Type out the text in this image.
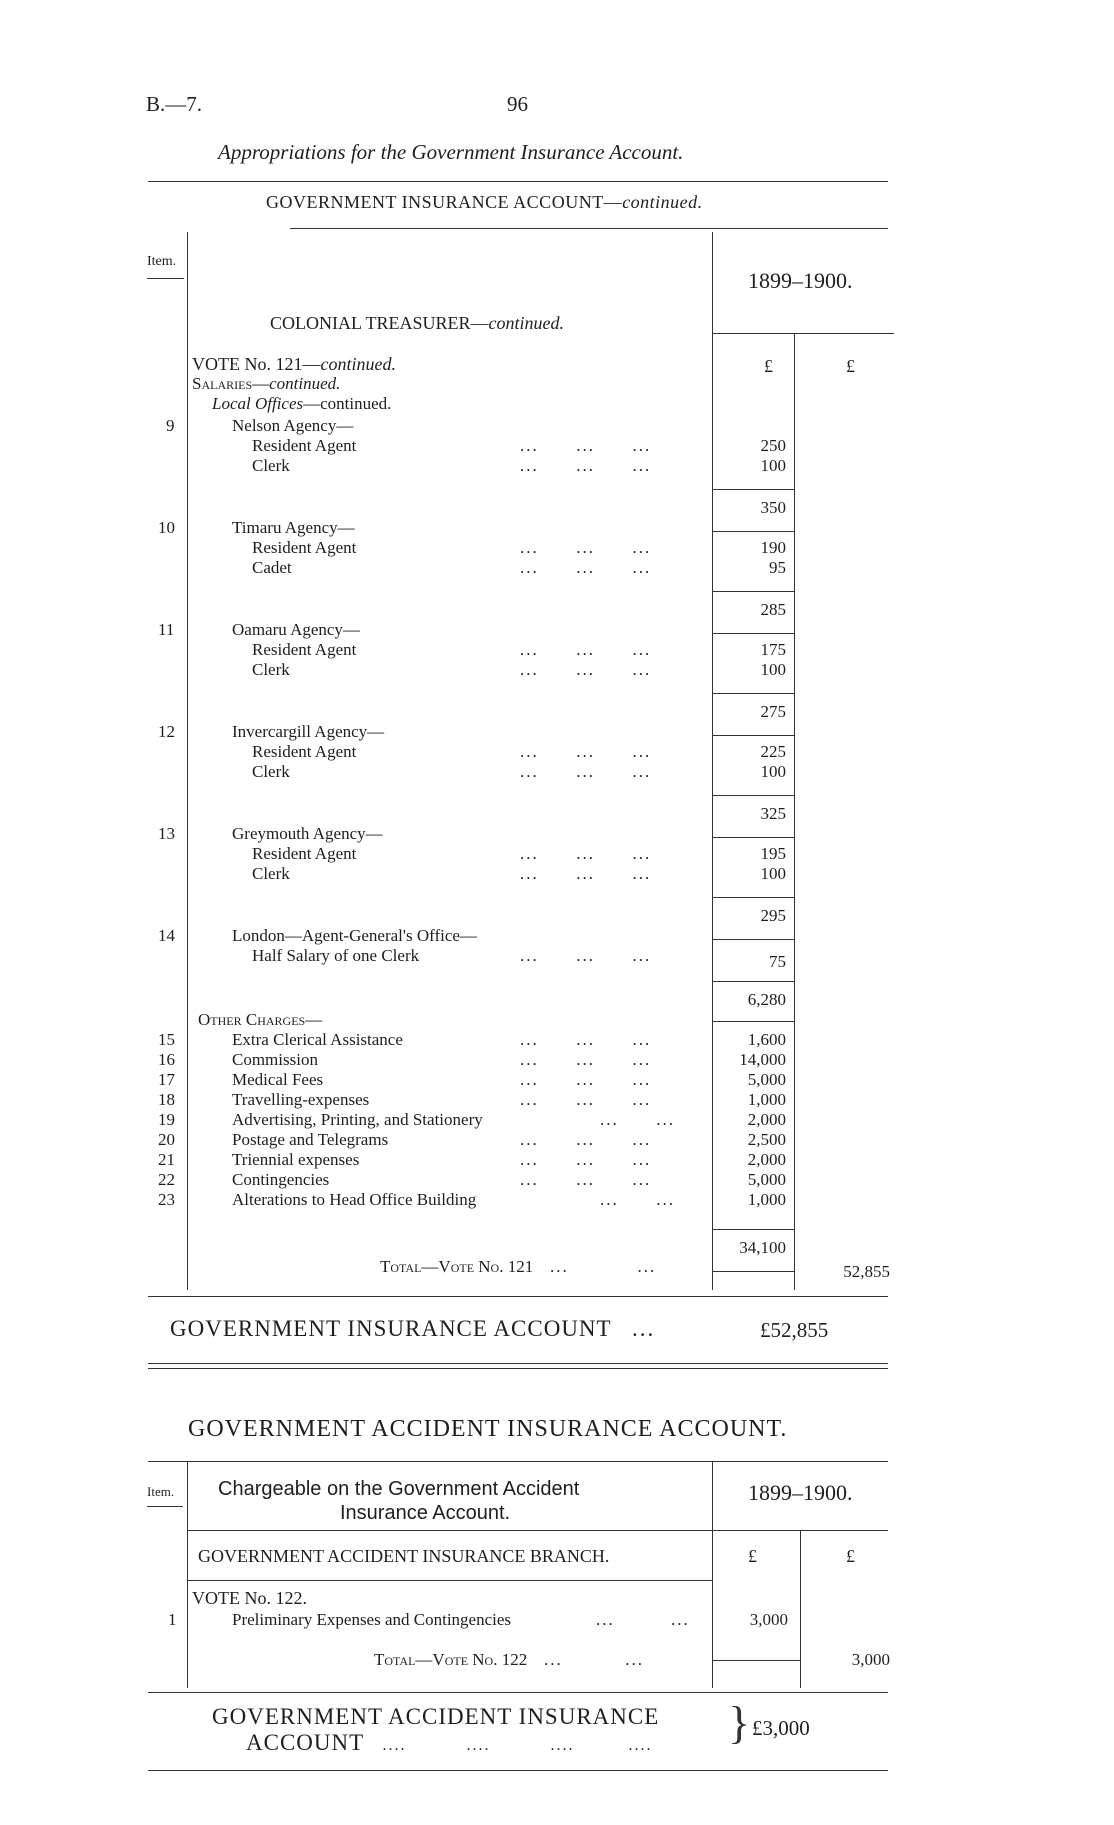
B.—7.	96
Appropriations for the Government Insurance Account.
GOVERNMENT INSURANCE ACCOUNT—continued.
Item.
1899–1900.
COLONIAL TREASURER—continued.
£	£
VOTE No. 121—continued.
Salaries—continued.
Local Offices—continued.
9	Nelson Agency—
Resident Agent	...      ...      ...	250
Clerk	...      ...      ...	100
350
10	Timaru Agency—
Resident Agent	...      ...      ...	190
Cadet	...      ...      ...	95
285
11	Oamaru Agency—
Resident Agent	...      ...      ...	175
Clerk	...      ...      ...	100
275
12	Invercargill Agency—
Resident Agent	...      ...      ...	225
Clerk	...      ...      ...	100
325
13	Greymouth Agency—
Resident Agent	...      ...      ...	195
Clerk	...      ...      ...	100
295
14	London—Agent-General's Office—
Half Salary of one Clerk	...      ...      ...	75
6,280
Other Charges—
15	Extra Clerical Assistance	...      ...      ...	1,600
16	Commission	...      ...      ...	14,000
17	Medical Fees	...      ...      ...	5,000
18	Travelling-expenses	...      ...      ...	1,000
19	Advertising, Printing, and Stationery	...      ...	2,000
20	Postage and Telegrams	...      ...      ...	2,500
21	Triennial expenses	...      ...      ...	2,000
22	Contingencies	...      ...      ...	5,000
23	Alterations to Head Office Building	...      ...	1,000
34,100
Total—Vote No. 121   ...           ...	52,855
GOVERNMENT INSURANCE ACCOUNT ...	£52,855
GOVERNMENT ACCIDENT INSURANCE ACCOUNT.
Item. Chargeable on the Government Accident
Insurance Account.
1899–1900.
GOVERNMENT ACCIDENT INSURANCE BRANCH.	£	£
VOTE No. 122.
1	Preliminary Expenses and Contingencies	...         ...	3,000
Total—Vote No. 122   ...          ...	3,000
GOVERNMENT ACCIDENT INSURANCE
ACCOUNT   ....          ....          ....         .... } £3,000
